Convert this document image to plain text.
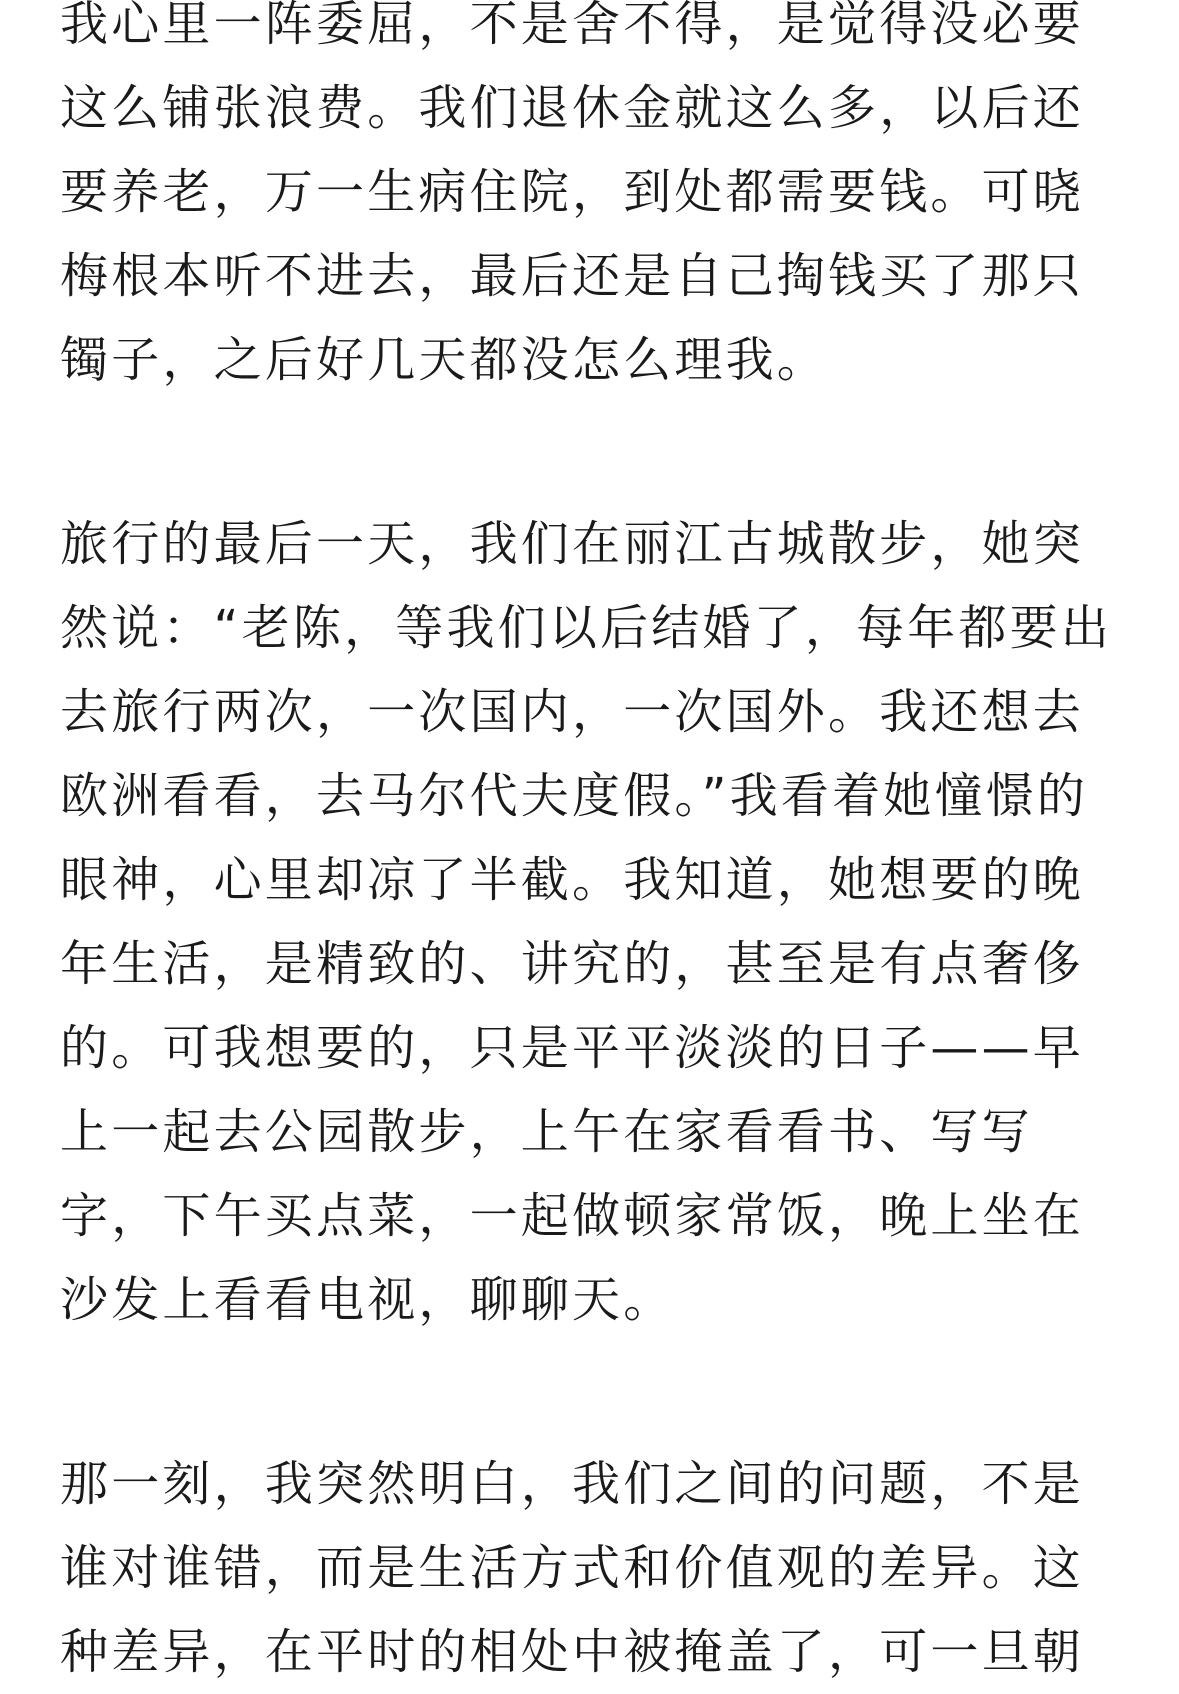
我心里一阵委屈，不是舍不得，是觉得没必要
这么铺张浪费。我们退休金就这么多，以后还
要养老，万一生病住院，到处都需要钱。可晓
梅根本听不进去，最后还是自己掏钱买了那只
镯子，之后好几天都没怎么理我。

旅行的最后一天，我们在丽江古城散步，她突
然说：“老陈，等我们以后结婚了，每年都要出
去旅行两次，一次国内，一次国外。我还想去
欧洲看看，去马尔代夫度假。”我看着她憧憬的
眼神，心里却凉了半截。我知道，她想要的晚
年生活，是精致的、讲究的，甚至是有点奢侈
的。可我想要的，只是平平淡淡的日子——早
上一起去公园散步，上午在家看看书、写写
字，下午买点菜，一起做顿家常饭，晚上坐在
沙发上看看电视，聊聊天。

那一刻，我突然明白，我们之间的问题，不是
谁对谁错，而是生活方式和价值观的差异。这
种差异，在平时的相处中被掩盖了，可一旦朝
